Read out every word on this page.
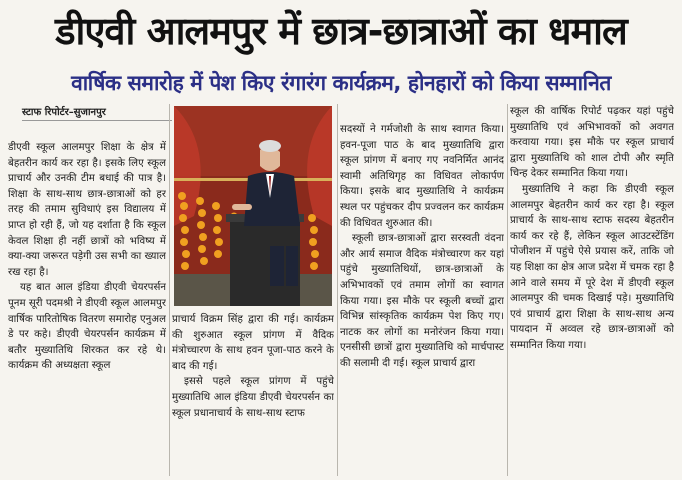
डीएवी आलमपुर में छात्र-छात्राओं का धमाल
वार्षिक समारोह में पेश किए रंगारंग कार्यक्रम, होनहारों को किया सम्मानित
स्टाफ रिपोर्टर–सुजानपुर

डीएवी स्कूल आलमपुर शिक्षा के क्षेत्र में बेहतरीन कार्य कर रहा है। इसके लिए स्कूल प्राचार्य और उनकी टीम बधाई की पात्र है। शिक्षा के साथ-साथ छात्र-छात्राओं को हर तरह की तमाम सुविधाएं इस विद्यालय में प्राप्त हो रही हैं, जो यह दर्शाता है कि स्कूल केवल शिक्षा ही नहीं छात्रों को भविष्य में क्या-क्या जरूरत पड़ेगी उस सभी का ख्याल रख रहा है।

यह बात आल इंडिया डीएवी चेयरपर्सन पूनम सूरी पदमश्री ने डीएवी स्कूल आलमपुर वार्षिक पारितोषिक वितरण समारोह एनुअल डे पर कहे। डीएवी चेयरपर्सन कार्यक्रम में बतौर मुख्यातिथि शिरकत कर रहे थे। कार्यक्रम की अध्यक्षता स्कूल

प्राचार्य विक्रम सिंह द्वारा की गई। कार्यक्रम की शुरुआत स्कूल प्रांगण में वैदिक मंत्रोच्चारण के साथ हवन पूजा-पाठ करने के बाद की गई।

इससे पहले स्कूल प्रांगण में पहुंचे मुख्यातिथि आल इंडिया डीएवी चेयरपर्सन का स्कूल प्रधानाचार्य के साथ-साथ स्टाफ

सदस्यों ने गर्मजोशी के साथ स्वागत किया। हवन-पूजा पाठ के बाद मुख्यातिथि द्वारा स्कूल प्रांगण में बनाए गए नवनिर्मित आनंद स्वामी अतिथिगृह का विधिवत लोकार्पण किया। इसके बाद मुख्यातिथि ने कार्यक्रम स्थल पर पहुंचकर दीप प्रज्वलन कर कार्यक्रम की विधिवत शुरुआत की।

स्कूली छात्र-छात्राओं द्वारा सरस्वती वंदना और आर्य समाज वैदिक मंत्रोच्चारण कर यहां पहुंचे मुख्यातिथियों, छात्र-छात्राओं के अभिभावकों एवं तमाम लोगों का स्वागत किया गया। इस मौके पर स्कूली बच्चों द्वारा विभिन्न सांस्कृतिक कार्यक्रम पेश किए गए। नाटक कर लोगों का मनोरंजन किया गया। एनसीसी छात्रों द्वारा मुख्यातिथि को मार्चपास्ट की सलामी दी गई। स्कूल प्राचार्य द्वारा

स्कूल की वार्षिक रिपोर्ट पढ़कर यहां पहुंचे मुख्यातिथि एवं अभिभावकों को अवगत करवाया गया। इस मौके पर स्कूल प्राचार्य द्वारा मुख्यातिथि को शाल टोपी और स्मृति चिन्ह देकर सम्मानित किया गया।

मुख्यातिथि ने कहा कि डीएवी स्कूल आलमपुर बेहतरीन कार्य कर रहा है। स्कूल प्राचार्य के साथ-साथ स्टाफ सदस्य बेहतरीन कार्य कर रहे हैं, लेकिन स्कूल आउटस्टेंडिंग पोजीशन में पहुंचे ऐसे प्रयास करें, ताकि जो यह शिक्षा का क्षेत्र आज प्रदेश में चमक रहा है आने वाले समय में पूरे देश में डीएवी स्कूल आलमपुर की चमक दिखाई पड़े। मुख्यातिथि एवं प्राचार्य द्वारा शिक्षा के साथ-साथ अन्य पायदान में अव्वल रहे छात्र-छात्राओं को सम्मानित किया गया।
